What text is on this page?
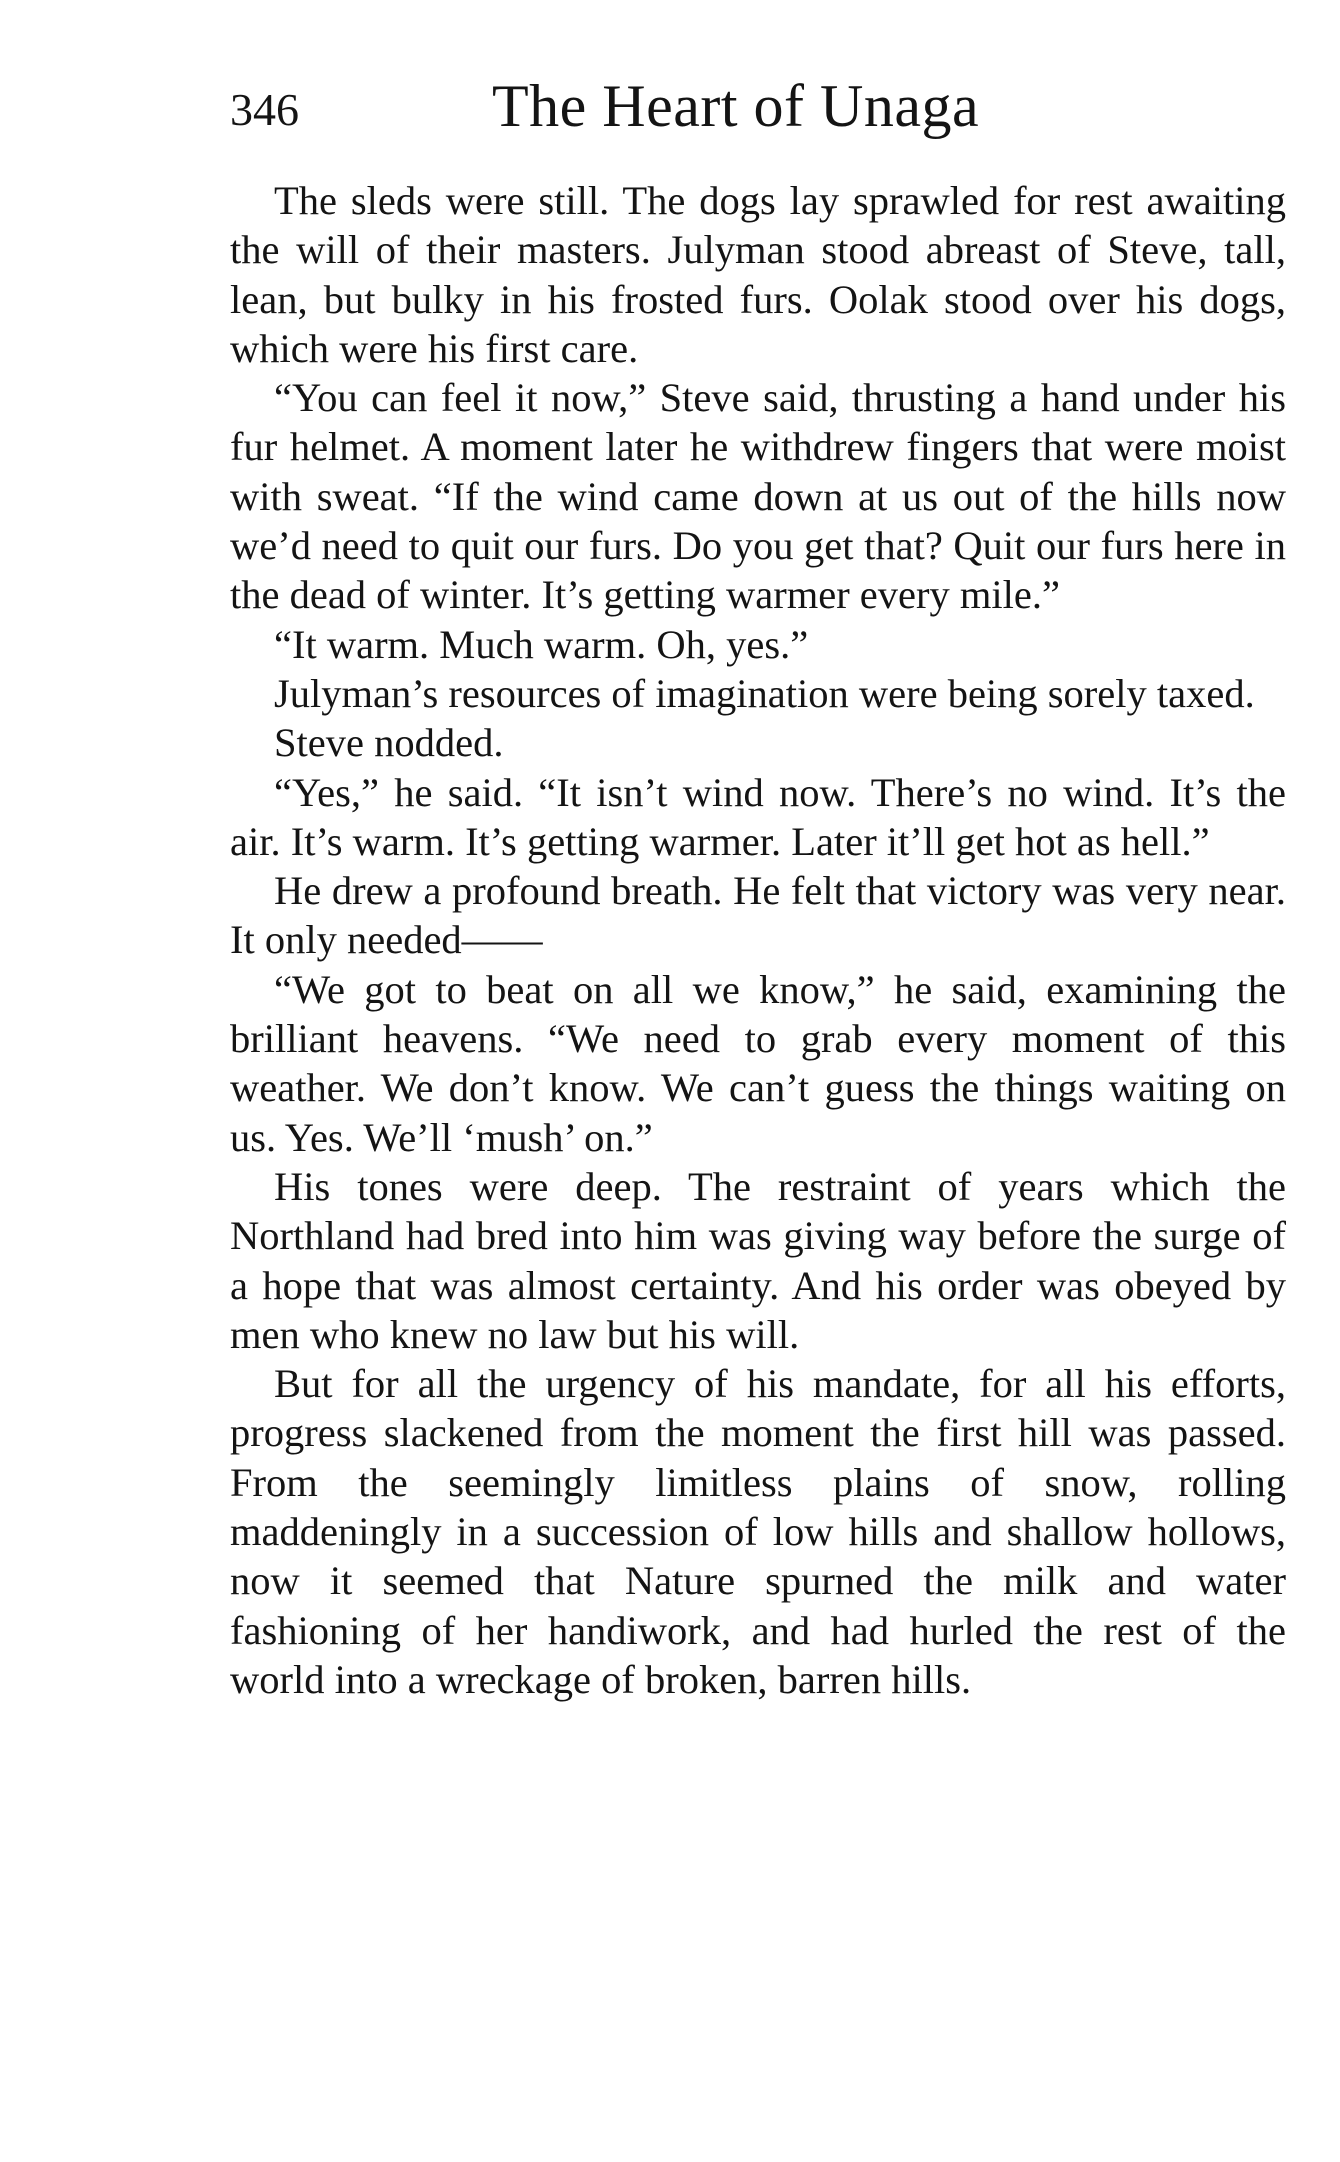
346	The Heart of Unaga

The sleds were still. The dogs lay sprawled for rest awaiting the will of their masters. Julyman stood abreast of Steve, tall, lean, but bulky in his frosted furs. Oolak stood over his dogs, which were his first care.

“You can feel it now,” Steve said, thrusting a hand under his fur helmet. A moment later he withdrew fingers that were moist with sweat. “If the wind came down at us out of the hills now we’d need to quit our furs. Do you get that? Quit our furs here in the dead of winter. It’s getting warmer every mile.”

“It warm. Much warm. Oh, yes.”

Julyman’s resources of imagination were being sorely taxed.

Steve nodded.

“Yes,” he said. “It isn’t wind now. There’s no wind. It’s the air. It’s warm. It’s getting warmer. Later it’ll get hot as hell.”

He drew a profound breath. He felt that victory was very near. It only needed——

“We got to beat on all we know,” he said, examining the brilliant heavens. “We need to grab every moment of this weather. We don’t know. We can’t guess the things waiting on us. Yes. We’ll ‘mush’ on.”

His tones were deep. The restraint of years which the Northland had bred into him was giving way before the surge of a hope that was almost certainty. And his order was obeyed by men who knew no law but his will.

But for all the urgency of his mandate, for all his efforts, progress slackened from the moment the first hill was passed. From the seemingly limitless plains of snow, rolling maddeningly in a succession of low hills and shallow hollows, now it seemed that Nature spurned the milk and water fashioning of her handiwork, and had hurled the rest of the world into a wreckage of broken, barren hills.
